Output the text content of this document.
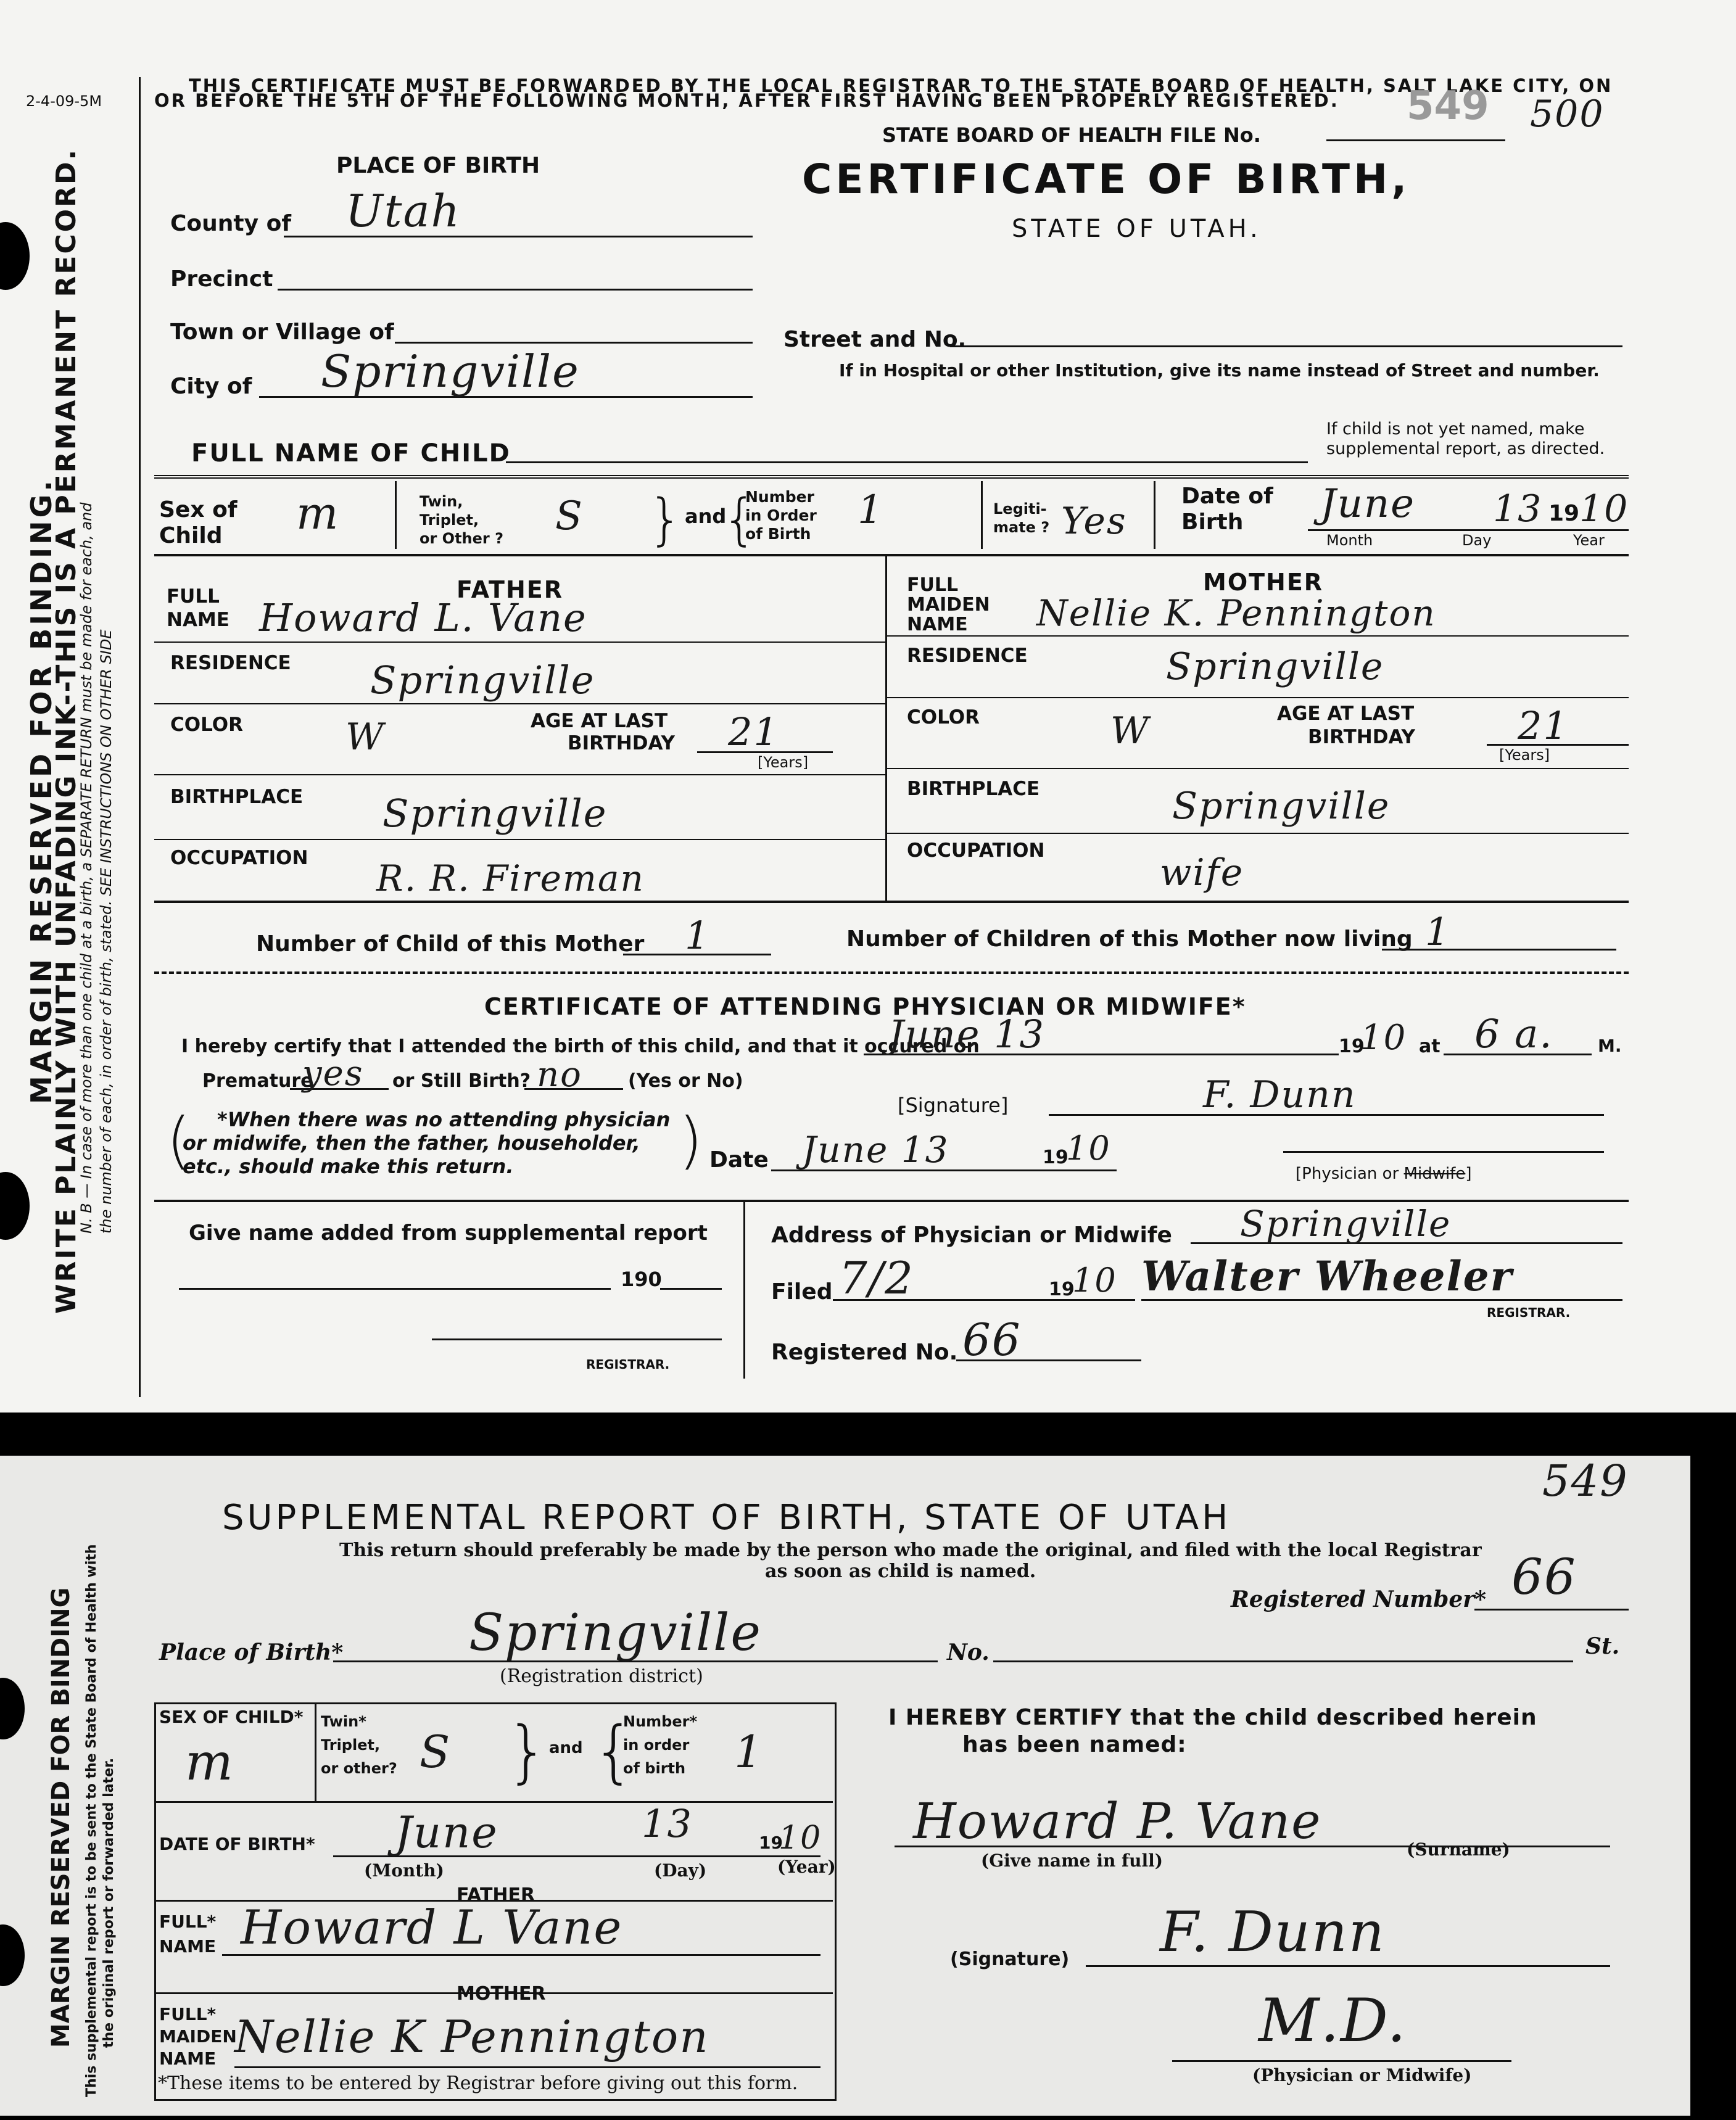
2-4-09-5M
MARGIN RESERVED FOR BINDING.
WRITE PLAINLY WITH UNFADING INK--THIS IS A PERMANENT RECORD.
N. B — In case of more than one child at a birth, a SEPARATE RETURN must be made for each, and the number of each, in order of birth, stated. SEE INSTRUCTIONS ON OTHER SIDE
THIS CERTIFICATE MUST BE FORWARDED BY THE LOCAL REGISTRAR TO THE STATE BOARD OF HEALTH, SALT LAKE CITY, ON
OR BEFORE THE 5TH OF THE FOLLOWING MONTH, AFTER FIRST HAVING BEEN PROPERLY REGISTERED.
STATE BOARD OF HEALTH FILE No.
549 500
CERTIFICATE OF BIRTH,
STATE OF UTAH.
PLACE OF BIRTH
County of Utah
Precinct
Town or Village of
City of Springville
Street and No.
If in Hospital or other Institution, give its name instead of Street and number.
FULL NAME OF CHILD
If child is not yet named, make
supplemental report, as directed.
Sex of
Child m	Twin,
Triplet,
or Other ? S } and
{
Number
in Order
of Birth
1	Legiti-
mate ? Yes
Date of
Birth June 13 19 10
Month	Day	Year
FATHER
FULL
NAME Howard L. Vane
RESIDENCE Springville
COLOR	W	AGE AT LAST
BIRTHDAY 21
[Years]
BIRTHPLACE Springville
OCCUPATION R. R. Fireman
MOTHER
FULL
MAIDEN
NAME Nellie K. Pennington
RESIDENCE	Springville
COLOR	W	AGE AT LAST
BIRTHDAY	21
[Years]
BIRTHPLACE	Springville
OCCUPATION
wife
Number of Child of this Mother 1	Number of Children of this Mother now living 1
CERTIFICATE OF ATTENDING PHYSICIAN OR MIDWIFE*
I hereby certify that I attended the birth of this child, and that it occured on
June 13	19
10 at 6 a.	M.
Premature
yes or Still Birth? no (Yes or No)
( *When there was no attending physician
or midwife, then the father, householder,
etc., should make this return.	)	[Signature]	F. Dunn
Date June 13	19
10
[Physician or Midwife]
Give name added from supplemental report
190
REGISTRAR.
Address of Physician or Midwife Springville
Filed 7/2	19
10 Walter Wheeler
REGISTRAR.
Registered No. 66
MARGIN RESERVED FOR BINDING This supplemental report is to be sent to the State Board of Health with the original report or forwarded later.
SUPPLEMENTAL REPORT OF BIRTH, STATE OF UTAH
549
This return should preferably be made by the person who made the original, and filed with the local Registrar
as soon as child is named.
Registered Number* 66
Place of Birth* Springville
(Registration district)
No.	St.
SEX OF CHILD*
m
Twin*
Triplet,
or other? S } and {
Number*
in order
of birth 1
DATE OF BIRTH* June	13	19
10
(Month)	(Day)	(Year)
FATHER
FULL*
NAME Howard L Vane
MOTHER
FULL*
MAIDEN
NAME Nellie K Pennington
*These items to be entered by Registrar before giving out this form.
I HEREBY CERTIFY that the child described herein
has been named:
Howard P. Vane
(Give name in full)
(Surname)
(Signature) F. Dunn
M.D.
(Physician or Midwife)
